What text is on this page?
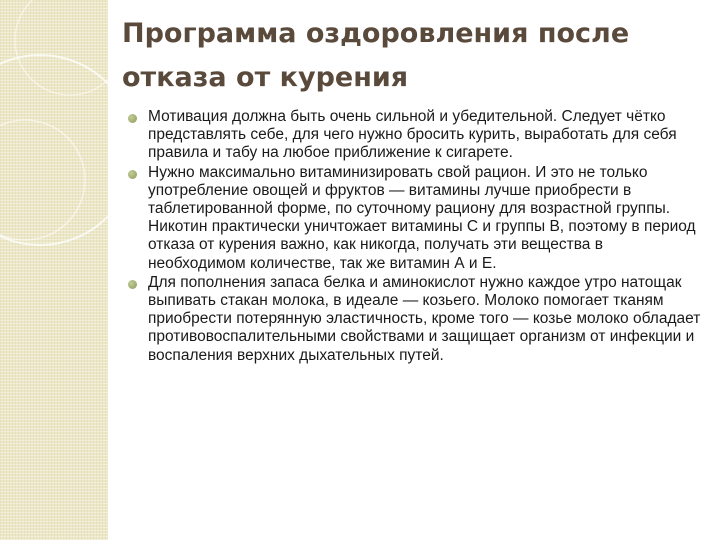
Программа оздоровления после отказа от курения
Мотивация должна быть очень сильной и убедительной. Следует чётко представлять себе, для чего нужно бросить курить, выработать для себя правила и табу на любое приближение к сигарете.
Нужно максимально витаминизировать свой рацион. И это не только употребление овощей и фруктов — витамины лучше приобрести в таблетированной форме, по суточному рациону для возрастной группы. Никотин практически уничтожает витамины С и группы В, поэтому в период отказа от курения важно, как никогда, получать эти вещества в необходимом количестве, так же витамин А и Е.
Для пополнения запаса белка и аминокислот нужно каждое утро натощак выпивать стакан молока, в идеале — козьего. Молоко помогает тканям приобрести потерянную эластичность, кроме того — козье молоко обладает противовоспалительными свойствами и защищает организм от инфекции и воспаления верхних дыхательных путей.
